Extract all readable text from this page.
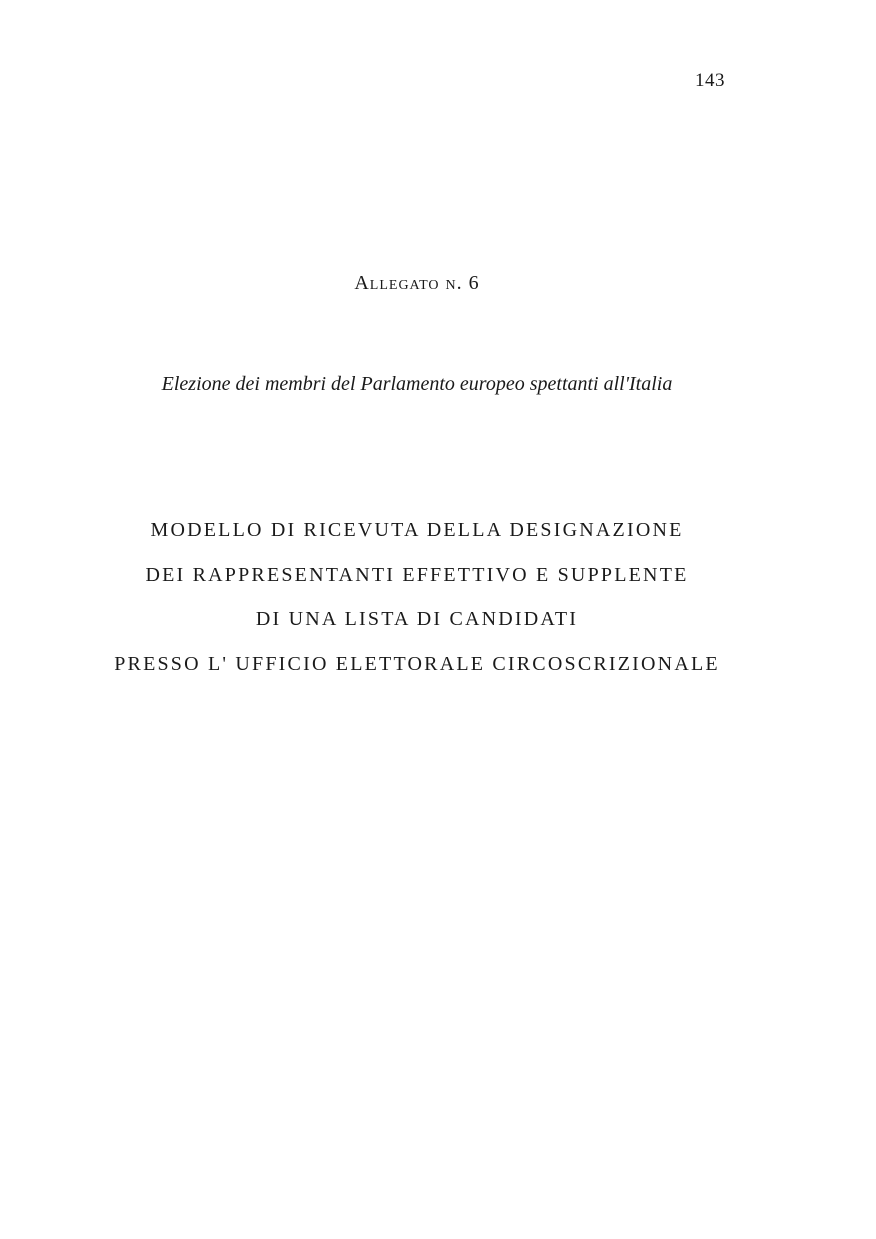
143
Allegato n. 6
Elezione dei membri del Parlamento europeo spettanti all'Italia
MODELLO DI RICEVUTA DELLA DESIGNAZIONE
DEI RAPPRESENTANTI EFFETTIVO E SUPPLENTE
DI UNA LISTA DI CANDIDATI
PRESSO L' UFFICIO ELETTORALE CIRCOSCRIZIONALE
